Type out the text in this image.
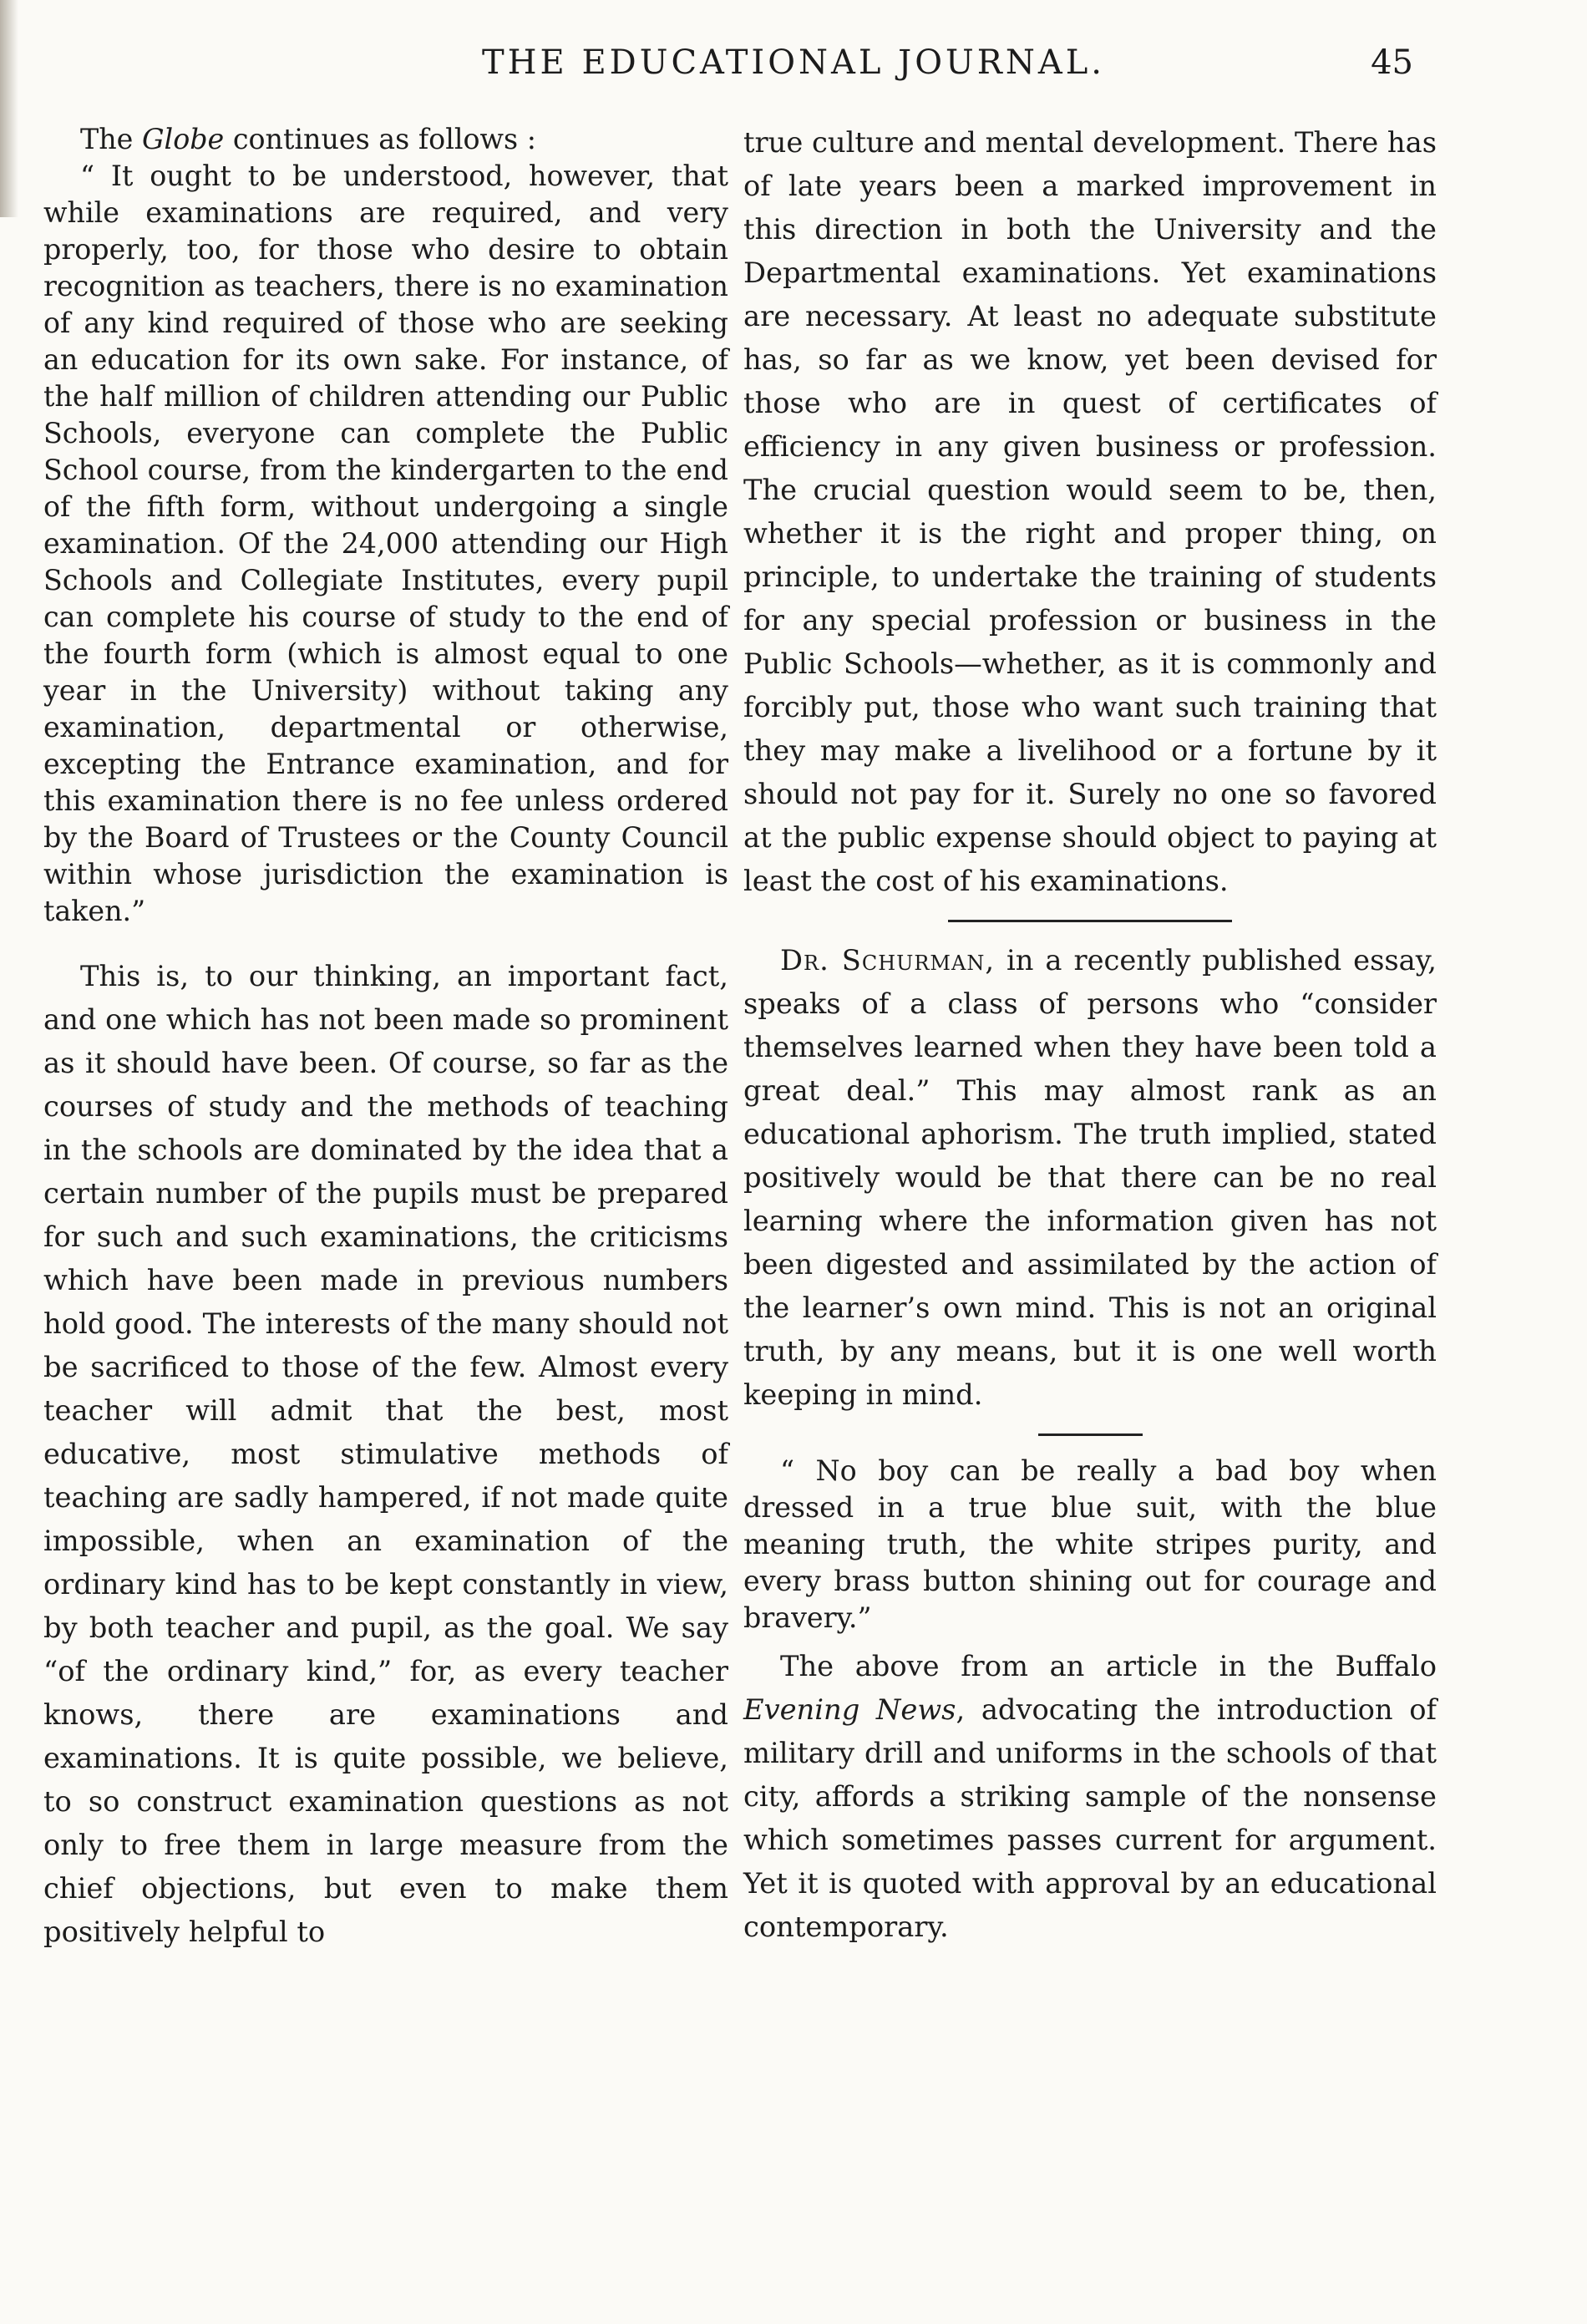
THE EDUCATIONAL JOURNAL.	45

The Globe continues as follows :

“ It ought to be understood, however, that while examinations are required, and very properly, too, for those who desire to obtain recognition as teachers, there is no examination of any kind required of those who are seeking an education for its own sake. For instance, of the half million of children attending our Public Schools, everyone can complete the Public School course, from the kindergarten to the end of the fifth form, without undergoing a single examination. Of the 24,000 attending our High Schools and Collegiate Institutes, every pupil can complete his course of study to the end of the fourth form (which is almost equal to one year in the University) without taking any examination, departmental or otherwise, excepting the Entrance examination, and for this examination there is no fee unless ordered by the Board of Trustees or the County Council within whose jurisdiction the examination is taken.”

This is, to our thinking, an important fact, and one which has not been made so prominent as it should have been. Of course, so far as the courses of study and the methods of teaching in the schools are dominated by the idea that a certain number of the pupils must be prepared for such and such examinations, the criticisms which have been made in previous numbers hold good. The interests of the many should not be sacrificed to those of the few. Almost every teacher will admit that the best, most educative, most stimulative methods of teaching are sadly hampered, if not made quite impossible, when an examination of the ordinary kind has to be kept constantly in view, by both teacher and pupil, as the goal. We say “of the ordinary kind,” for, as every teacher knows, there are examinations and examinations. It is quite possible, we believe, to so construct examination questions as not only to free them in large measure from the chief objections, but even to make them positively helpful to

true culture and mental development. There has of late years been a marked improvement in this direction in both the University and the Departmental examinations. Yet examinations are necessary. At least no adequate substitute has, so far as we know, yet been devised for those who are in quest of certificates of efficiency in any given business or profession. The crucial question would seem to be, then, whether it is the right and proper thing, on principle, to undertake the training of students for any special profession or business in the Public Schools—whether, as it is commonly and forcibly put, those who want such training that they may make a livelihood or a fortune by it should not pay for it. Surely no one so favored at the public expense should object to paying at least the cost of his examinations.

Dr. Schurman, in a recently published essay, speaks of a class of persons who “consider themselves learned when they have been told a great deal.” This may almost rank as an educational aphorism. The truth implied, stated positively would be that there can be no real learning where the information given has not been digested and assimilated by the action of the learner’s own mind. This is not an original truth, by any means, but it is one well worth keeping in mind.

“ No boy can be really a bad boy when dressed in a true blue suit, with the blue meaning truth, the white stripes purity, and every brass button shining out for courage and bravery.”

The above from an article in the Buffalo Evening News, advocating the introduction of military drill and uniforms in the schools of that city, affords a striking sample of the nonsense which sometimes passes current for argument. Yet it is quoted with approval by an educational contemporary.
